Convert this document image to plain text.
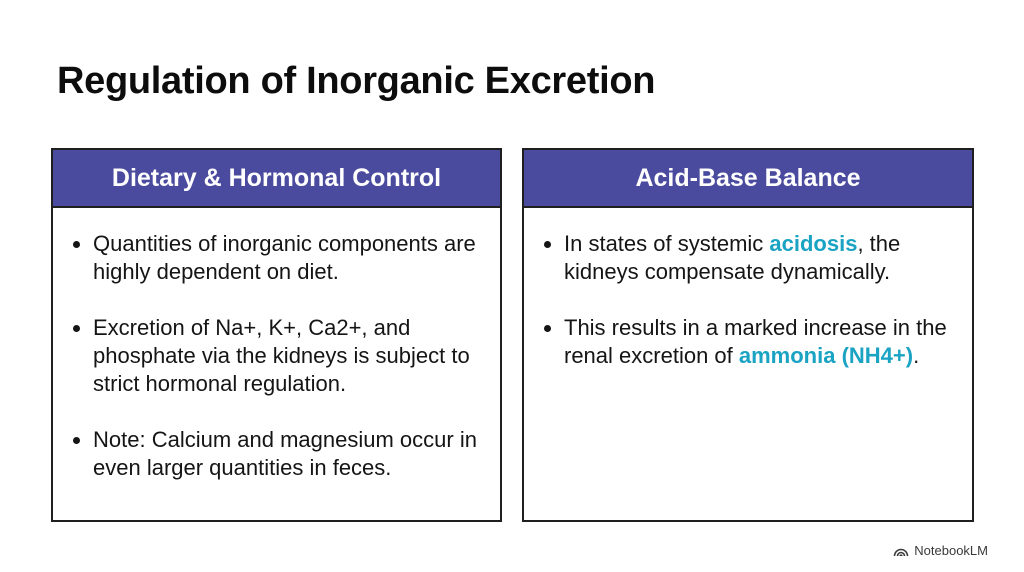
Regulation of Inorganic Excretion
Dietary & Hormonal Control
Quantities of inorganic components are highly dependent on diet.
Excretion of Na+, K+, Ca2+, and phosphate via the kidneys is subject to strict hormonal regulation.
Note: Calcium and magnesium occur in even larger quantities in feces.
Acid-Base Balance
In states of systemic acidosis, the kidneys compensate dynamically.
This results in a marked increase in the renal excretion of ammonia (NH4+).
NotebookLM
